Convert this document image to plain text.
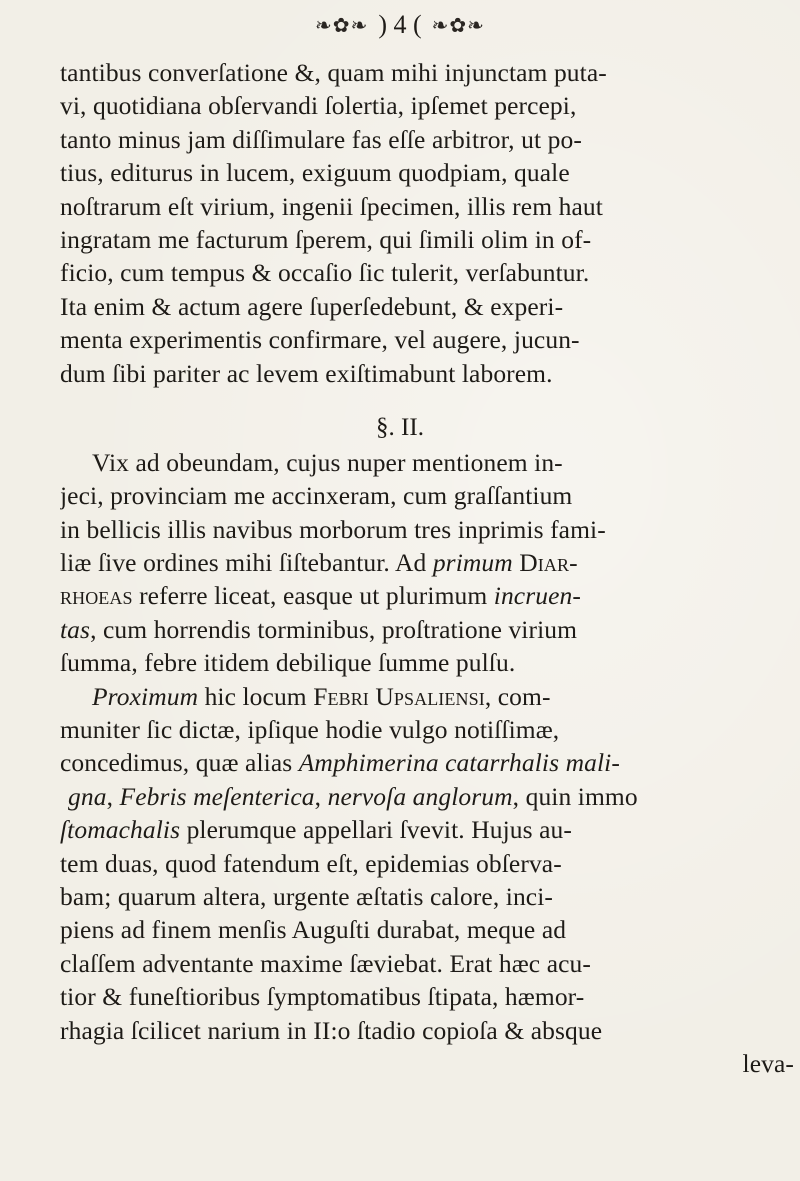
❧✿❧ ) 4 ( ❧✿❧
tantibus converſatione &, quam mihi injunctam puta-
vi, quotidiana obſervandi ſolertia, ipſemet percepi,
tanto minus jam diſſimulare fas eſſe arbitror, ut po-
tius, editurus in lucem, exiguum quodpiam, quale
noſtrarum eſt virium, ingenii ſpecimen, illis rem haut
ingratam me facturum ſperem, qui ſimili olim in of-
ficio, cum tempus & occaſio ſic tulerit, verſabuntur.
Ita enim & actum agere ſuperſedebunt, & experi-
menta experimentis confirmare, vel augere, jucun-
dum ſibi pariter ac levem exiſtimabunt laborem.
§. II.
Vix ad obeundam, cujus nuper mentionem in-
jeci, provinciam me accinxeram, cum graſſantium
in bellicis illis navibus morborum tres inprimis fami-
liæ ſive ordines mihi ſiſtebantur. Ad primum Diar-
rhoeas referre liceat, easque ut plurimum incruen-
tas, cum horrendis torminibus, proſtratione virium
ſumma, febre itidem debilique ſumme pulſu.
Proximum hic locum Febri Upsaliensi, com-
muniter ſic dictæ, ipſique hodie vulgo notiſſimæ,
concedimus, quæ alias Amphimerina catarrhalis mali-
gna, Febris meſenterica, nervoſa anglorum, quin immo
ſtomachalis plerumque appellari ſvevit. Hujus au-
tem duas, quod fatendum eſt, epidemias obſerva-
bam; quarum altera, urgente æſtatis calore, inci-
piens ad finem menſis Auguſti durabat, meque ad
claſſem adventante maxime ſæviebat. Erat hæc acu-
tior & funeſtioribus ſymptomatibus ſtipata, hæmor-
rhagia ſcilicet narium in II:o ſtadio copioſa & absque
leva-
